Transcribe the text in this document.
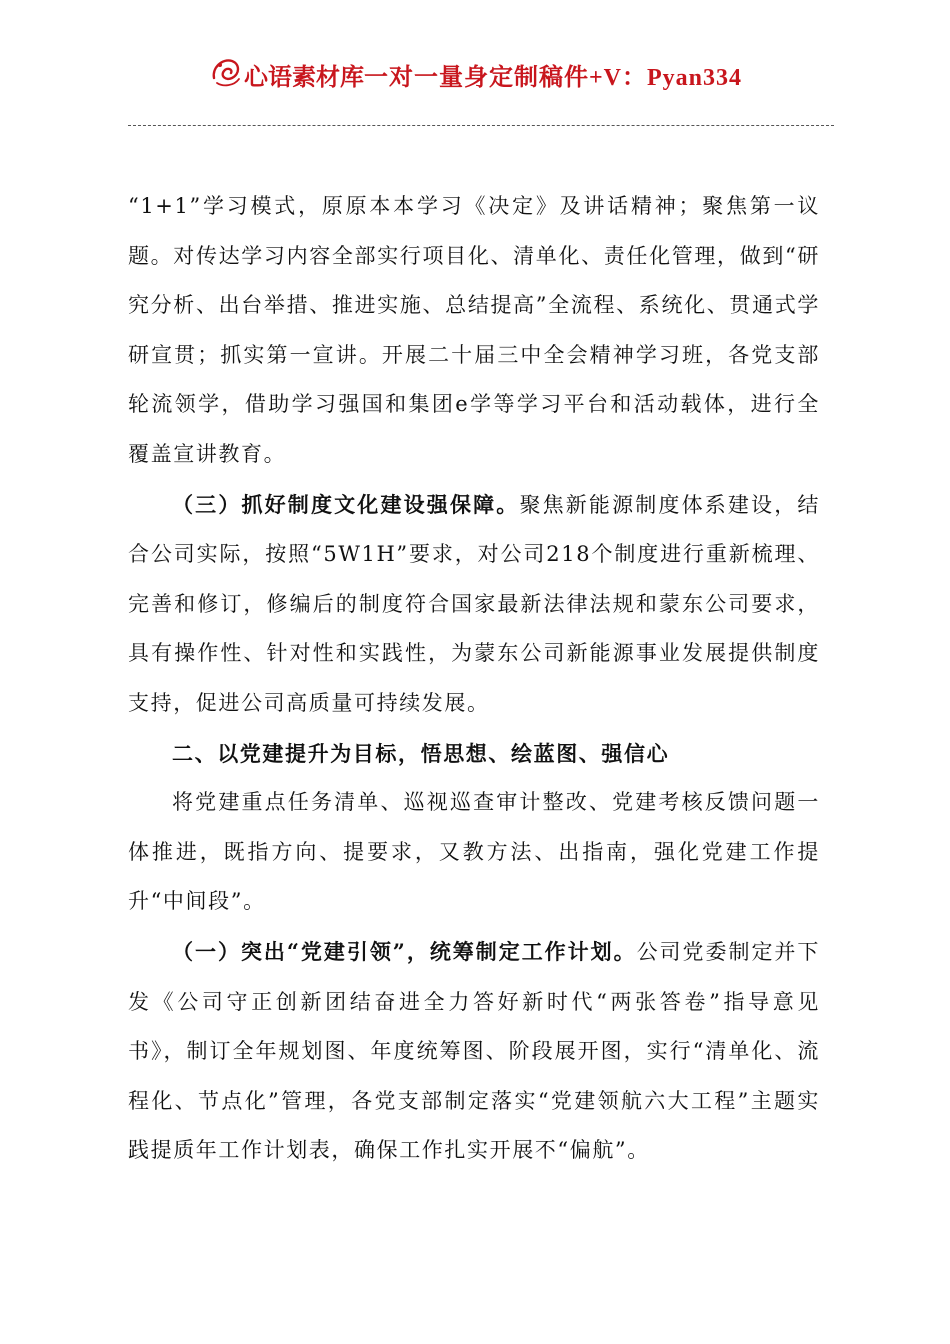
心语素材库一对一量身定制稿件+V：Pyan334

“1+1”学习模式，原原本本学习《决定》及讲话精神；聚焦第一议题。对传达学习内容全部实行项目化、清单化、责任化管理，做到“研究分析、出台举措、推进实施、总结提高”全流程、系统化、贯通式学研宣贯；抓实第一宣讲。开展二十届三中全会精神学习班，各党支部轮流领学，借助学习强国和集团e学等学习平台和活动载体，进行全覆盖宣讲教育。

（三）抓好制度文化建设强保障。聚焦新能源制度体系建设，结合公司实际，按照“5W1H”要求，对公司218个制度进行重新梳理、完善和修订，修编后的制度符合国家最新法律法规和蒙东公司要求，具有操作性、针对性和实践性，为蒙东公司新能源事业发展提供制度支持，促进公司高质量可持续发展。

二、以党建提升为目标，悟思想、绘蓝图、强信心

将党建重点任务清单、巡视巡查审计整改、党建考核反馈问题一体推进，既指方向、提要求，又教方法、出指南，强化党建工作提升“中间段”。

（一）突出“党建引领”，统筹制定工作计划。公司党委制定并下发《公司守正创新团结奋进全力答好新时代“两张答卷”指导意见书》，制订全年规划图、年度统筹图、阶段展开图，实行“清单化、流程化、节点化”管理，各党支部制定落实“党建领航六大工程”主题实践提质年工作计划表，确保工作扎实开展不“偏航”。
